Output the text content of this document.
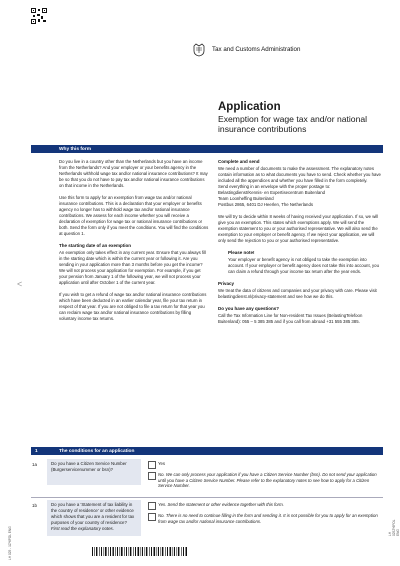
Tax and Customs Administration
Application
Exemption for wage tax and/or national insurance contributions
Why this form

Do you live in a country other than the Netherlands but you have an income from the Netherlands? And your employer or your benefits agency in the Netherlands withhold wage tax and/or national insurance contributions? It may be so that you do not have to pay tax and/or national insurance contributions on that income in the Netherlands.

Use this form to apply for an exemption from wage tax and/or national insurance contributions. This is a declaration that your employer or benefits agency no longer has to withhold wage tax and/or national insurance contributions. We assess for each income whether you will receive a declaration of exemption for wage tax or national insurance contributions or both. Send the form only if you meet the conditions. You will find the conditions at question 1.

The starting date of an exemption

An exemption only takes effect in any current year. Ensure that you always fill in the starting date which is within the current year or following it. Are you sending in your application more than 3 months before you get the income? We will not process your application for exemption. For example, if you get your pension from January 1 of the following year, we will not process your application until after October 1 of the current year.

If you wish to get a refund of wage tax and/or national insurance contributions which have been deducted in an earlier calendar year, file your tax return in respect of that year. If you are not obliged to file a tax return for that year you can reclaim wage tax and/or national insurance contributions by filling voluntary income tax returns.

Complete and send

We need a number of documents to make the assessment. The explanatory notes contain information as to what documents you have to send. Check whether you have included all the appendices and whether you have filled in the form completely.

Send everything in an envelope with the proper postage to:
Belastingdienst/Kennis- en Expertisecentrum Buitenland
Team Loonheffing Buitenland
Postbus 2865, 6401 DJ Heerlen, The Netherlands

We will try to decide within 8 weeks of having received your application. If so, we will give you an exemption. This states which exemptions apply. We will send the exemption statement to you or your authorised representative. We will also send the exemption to your employer or benefit agency. If we reject your application, we will only send the rejection to you or your authorised representative.

Please note!

Your employer or benefit agency is not obliged to take the exemption into account. If your employer or benefit agency does not take this into account, you can claim a refund through your income tax return after the year ends.

Privacy

We treat the data of citizens and companies and your privacy with care. Please visit belastingdienst.nl/privacy-statement and see how we do this.

Do you have any questions?

Call the Tax Information Line for Non-resident Tax Issues (BelastingTelefoon Buitenland): 055 – 5 385 385 and if you call from abroad +31 555 385 385.

<
1	The conditions for an application
1a	Do you have a Citizen Service Number (Burgerservicenummer or bsn)?
Yes
No. We can only process your application if you have a Citizen Service Number (bsn). Do not send your application until you have a Citizen Service Number. Please refer to the explanatory notes to see how to apply for a Citizen Service Number.
1b	Do you have a 'Statement of tax liability in the country of residence' or other evidence which shows that you are a resident for tax purposes of your country of residence?
First read the explanatory notes.
Yes. Send the statement or other evidence together with this form.
No. There is no need to continue filling in the form and sending it. It is not possible for you to apply for an exemption from wage tax and/or national insurance contributions.
LH 025 - 1Z*6FOL ENG	LH 025Z*6FOL ENG
